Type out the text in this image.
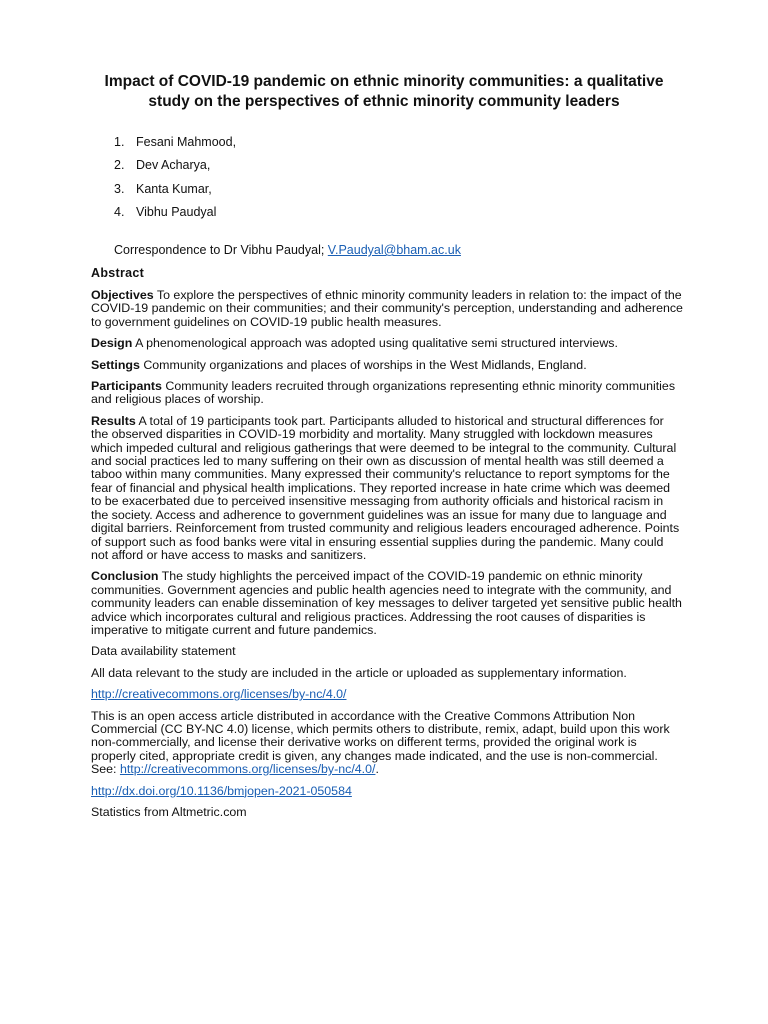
Impact of COVID-19 pandemic on ethnic minority communities: a qualitative study on the perspectives of ethnic minority community leaders
1. Fesani Mahmood,
2. Dev Acharya,
3. Kanta Kumar,
4. Vibhu Paudyal
Correspondence to Dr Vibhu Paudyal; V.Paudyal@bham.ac.uk
Abstract

Objectives To explore the perspectives of ethnic minority community leaders in relation to: the impact of the COVID-19 pandemic on their communities; and their community's perception, understanding and adherence to government guidelines on COVID-19 public health measures.

Design A phenomenological approach was adopted using qualitative semi structured interviews.

Settings Community organizations and places of worships in the West Midlands, England.

Participants Community leaders recruited through organizations representing ethnic minority communities and religious places of worship.

Results A total of 19 participants took part. Participants alluded to historical and structural differences for the observed disparities in COVID-19 morbidity and mortality. Many struggled with lockdown measures which impeded cultural and religious gatherings that were deemed to be integral to the community. Cultural and social practices led to many suffering on their own as discussion of mental health was still deemed a taboo within many communities. Many expressed their community's reluctance to report symptoms for the fear of financial and physical health implications. They reported increase in hate crime which was deemed to be exacerbated due to perceived insensitive messaging from authority officials and historical racism in the society. Access and adherence to government guidelines was an issue for many due to language and digital barriers. Reinforcement from trusted community and religious leaders encouraged adherence. Points of support such as food banks were vital in ensuring essential supplies during the pandemic. Many could not afford or have access to masks and sanitizers.

Conclusion The study highlights the perceived impact of the COVID-19 pandemic on ethnic minority communities. Government agencies and public health agencies need to integrate with the community, and community leaders can enable dissemination of key messages to deliver targeted yet sensitive public health advice which incorporates cultural and religious practices. Addressing the root causes of disparities is imperative to mitigate current and future pandemics.

Data availability statement

All data relevant to the study are included in the article or uploaded as supplementary information.

http://creativecommons.org/licenses/by-nc/4.0/

This is an open access article distributed in accordance with the Creative Commons Attribution Non Commercial (CC BY-NC 4.0) license, which permits others to distribute, remix, adapt, build upon this work non-commercially, and license their derivative works on different terms, provided the original work is properly cited, appropriate credit is given, any changes made indicated, and the use is non-commercial. See: http://creativecommons.org/licenses/by-nc/4.0/.

http://dx.doi.org/10.1136/bmjopen-2021-050584

Statistics from Altmetric.com
